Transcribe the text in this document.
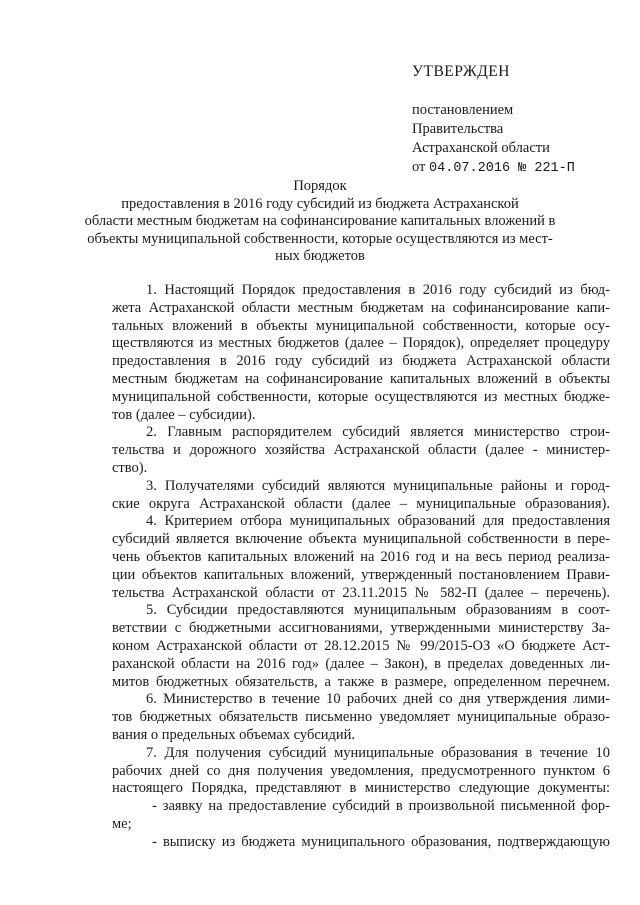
УТВЕРЖДЕН
постановлением
Правительства
Астраханской области
от 04.07.2016 № 221-П
Порядок
предоставления в 2016 году субсидий из бюджета Астраханской
области местным бюджетам на софинансирование капитальных вложений в
объекты муниципальной собственности, которые осуществляются из мест-
ных бюджетов
1. Настоящий Порядок предоставления в 2016 году субсидий из бюд-
жета Астраханской области местным бюджетам на софинансирование капи-
тальных вложений в объекты муниципальной собственности, которые осу-
ществляются из местных бюджетов (далее – Порядок), определяет процедуру
предоставления в 2016 году субсидий из бюджета Астраханской области
местным бюджетам на софинансирование капитальных вложений в объекты
муниципальной собственности, которые осуществляются из местных бюдже-
тов (далее – субсидии).
2. Главным распорядителем субсидий является министерство строи-
тельства и дорожного хозяйства Астраханской области (далее - министер-
ство).
3. Получателями субсидий являются муниципальные районы и город-
ские округа Астраханской области (далее – муниципальные образования).
4. Критерием отбора муниципальных образований для предоставления
субсидий является включение объекта муниципальной собственности в пере-
чень объектов капитальных вложений на 2016 год и на весь период реализа-
ции объектов капитальных вложений, утвержденный постановлением Прави-
тельства Астраханской области от 23.11.2015 № 582-П (далее – перечень).
5. Субсидии предоставляются муниципальным образованиям в соот-
ветствии с бюджетными ассигнованиями, утвержденными министерству За-
коном Астраханской области от 28.12.2015 № 99/2015-ОЗ «О бюджете Аст-
раханской области на 2016 год» (далее – Закон), в пределах доведенных ли-
митов бюджетных обязательств, а также в размере, определенном перечнем.
6. Министерство в течение 10 рабочих дней со дня утверждения лими-
тов бюджетных обязательств письменно уведомляет муниципальные образо-
вания о предельных объемах субсидий.
7. Для получения субсидий муниципальные образования в течение 10
рабочих дней со дня получения уведомления, предусмотренного пунктом 6
настоящего Порядка, представляют в министерство следующие документы:
- заявку на предоставление субсидий в произвольной письменной фор-
ме;
- выписку из бюджета муниципального образования, подтверждающую
